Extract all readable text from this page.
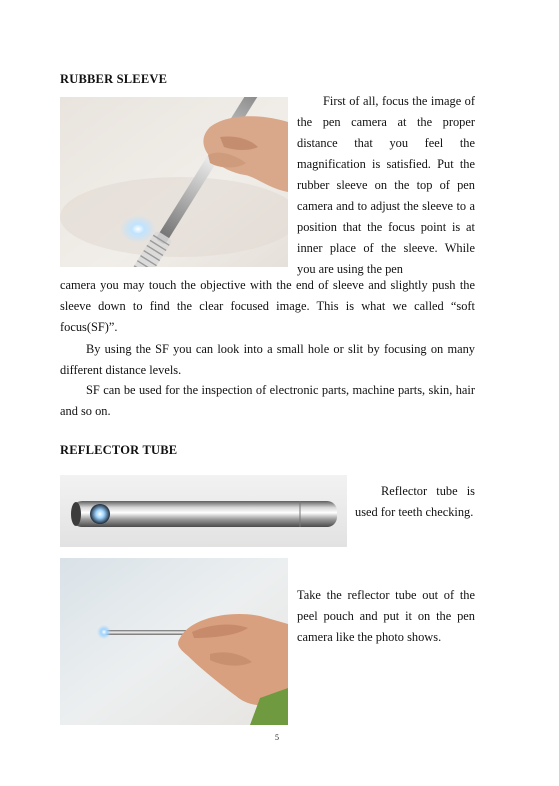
RUBBER SLEEVE

First of all, focus the image of the pen camera at the proper distance that you feel the magnification is satisfied. Put the rubber sleeve on the top of pen camera and to adjust the sleeve to a position that the focus point is at inner place of the sleeve. While you are using the pen

camera you may touch the objective with the end of sleeve and slightly push the sleeve down to find the clear focused image. This is what we called “soft focus(SF)”.

By using the SF you can look into a small hole or slit by focusing on many different distance levels.

SF can be used for the inspection of electronic parts, machine parts, skin, hair and so on.

REFLECTOR TUBE

Reflector tube is used for teeth checking.

Take the reflector tube out of the peel pouch and put it on the pen camera like the photo shows.

5
